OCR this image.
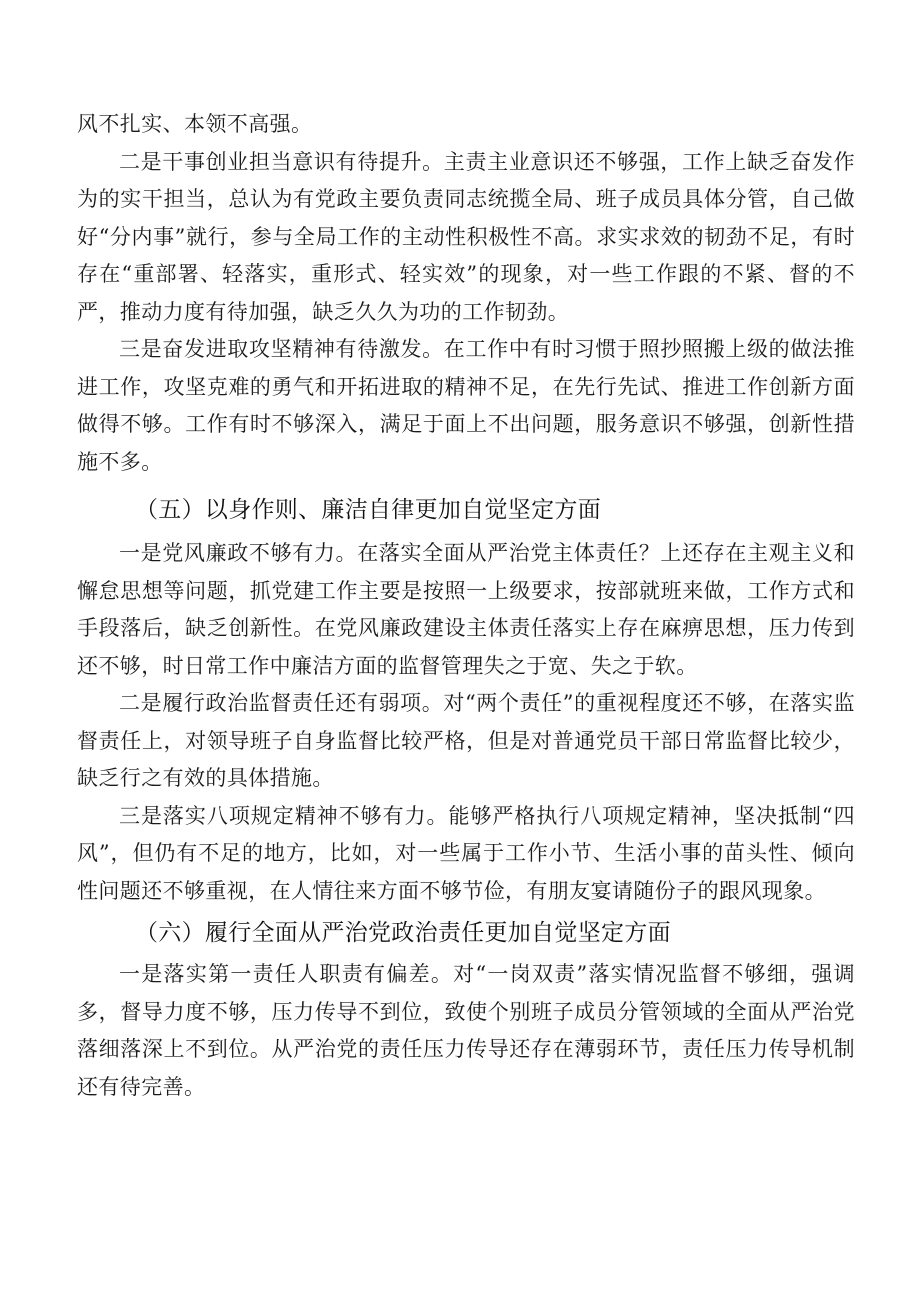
风不扎实、本领不高强。

二是干事创业担当意识有待提升。主责主业意识还不够强，工作上缺乏奋发作为的实干担当，总认为有党政主要负责同志统揽全局、班子成员具体分管，自己做好“分内事”就行，参与全局工作的主动性积极性不高。求实求效的韧劲不足，有时存在“重部署、轻落实，重形式、轻实效”的现象，对一些工作跟的不紧、督的不严，推动力度有待加强，缺乏久久为功的工作韧劲。

三是奋发进取攻坚精神有待激发。在工作中有时习惯于照抄照搬上级的做法推进工作，攻坚克难的勇气和开拓进取的精神不足，在先行先试、推进工作创新方面做得不够。工作有时不够深入，满足于面上不出问题，服务意识不够强，创新性措施不多。

（五）以身作则、廉洁自律更加自觉坚定方面

一是党风廉政不够有力。在落实全面从严治党主体责任？上还存在主观主义和懈怠思想等问题，抓党建工作主要是按照一上级要求，按部就班来做，工作方式和手段落后，缺乏创新性。在党风廉政建设主体责任落实上存在麻痹思想，压力传到还不够，时日常工作中廉洁方面的监督管理失之于宽、失之于软。

二是履行政治监督责任还有弱项。对“两个责任”的重视程度还不够，在落实监督责任上，对领导班子自身监督比较严格，但是对普通党员干部日常监督比较少，缺乏行之有效的具体措施。

三是落实八项规定精神不够有力。能够严格执行八项规定精神，坚决抵制“四风”，但仍有不足的地方，比如，对一些属于工作小节、生活小事的苗头性、倾向性问题还不够重视，在人情往来方面不够节俭，有朋友宴请随份子的跟风现象。

（六）履行全面从严治党政治责任更加自觉坚定方面

一是落实第一责任人职责有偏差。对“一岗双责”落实情况监督不够细，强调多，督导力度不够，压力传导不到位，致使个别班子成员分管领域的全面从严治党落细落深上不到位。从严治党的责任压力传导还存在薄弱环节，责任压力传导机制还有待完善。
